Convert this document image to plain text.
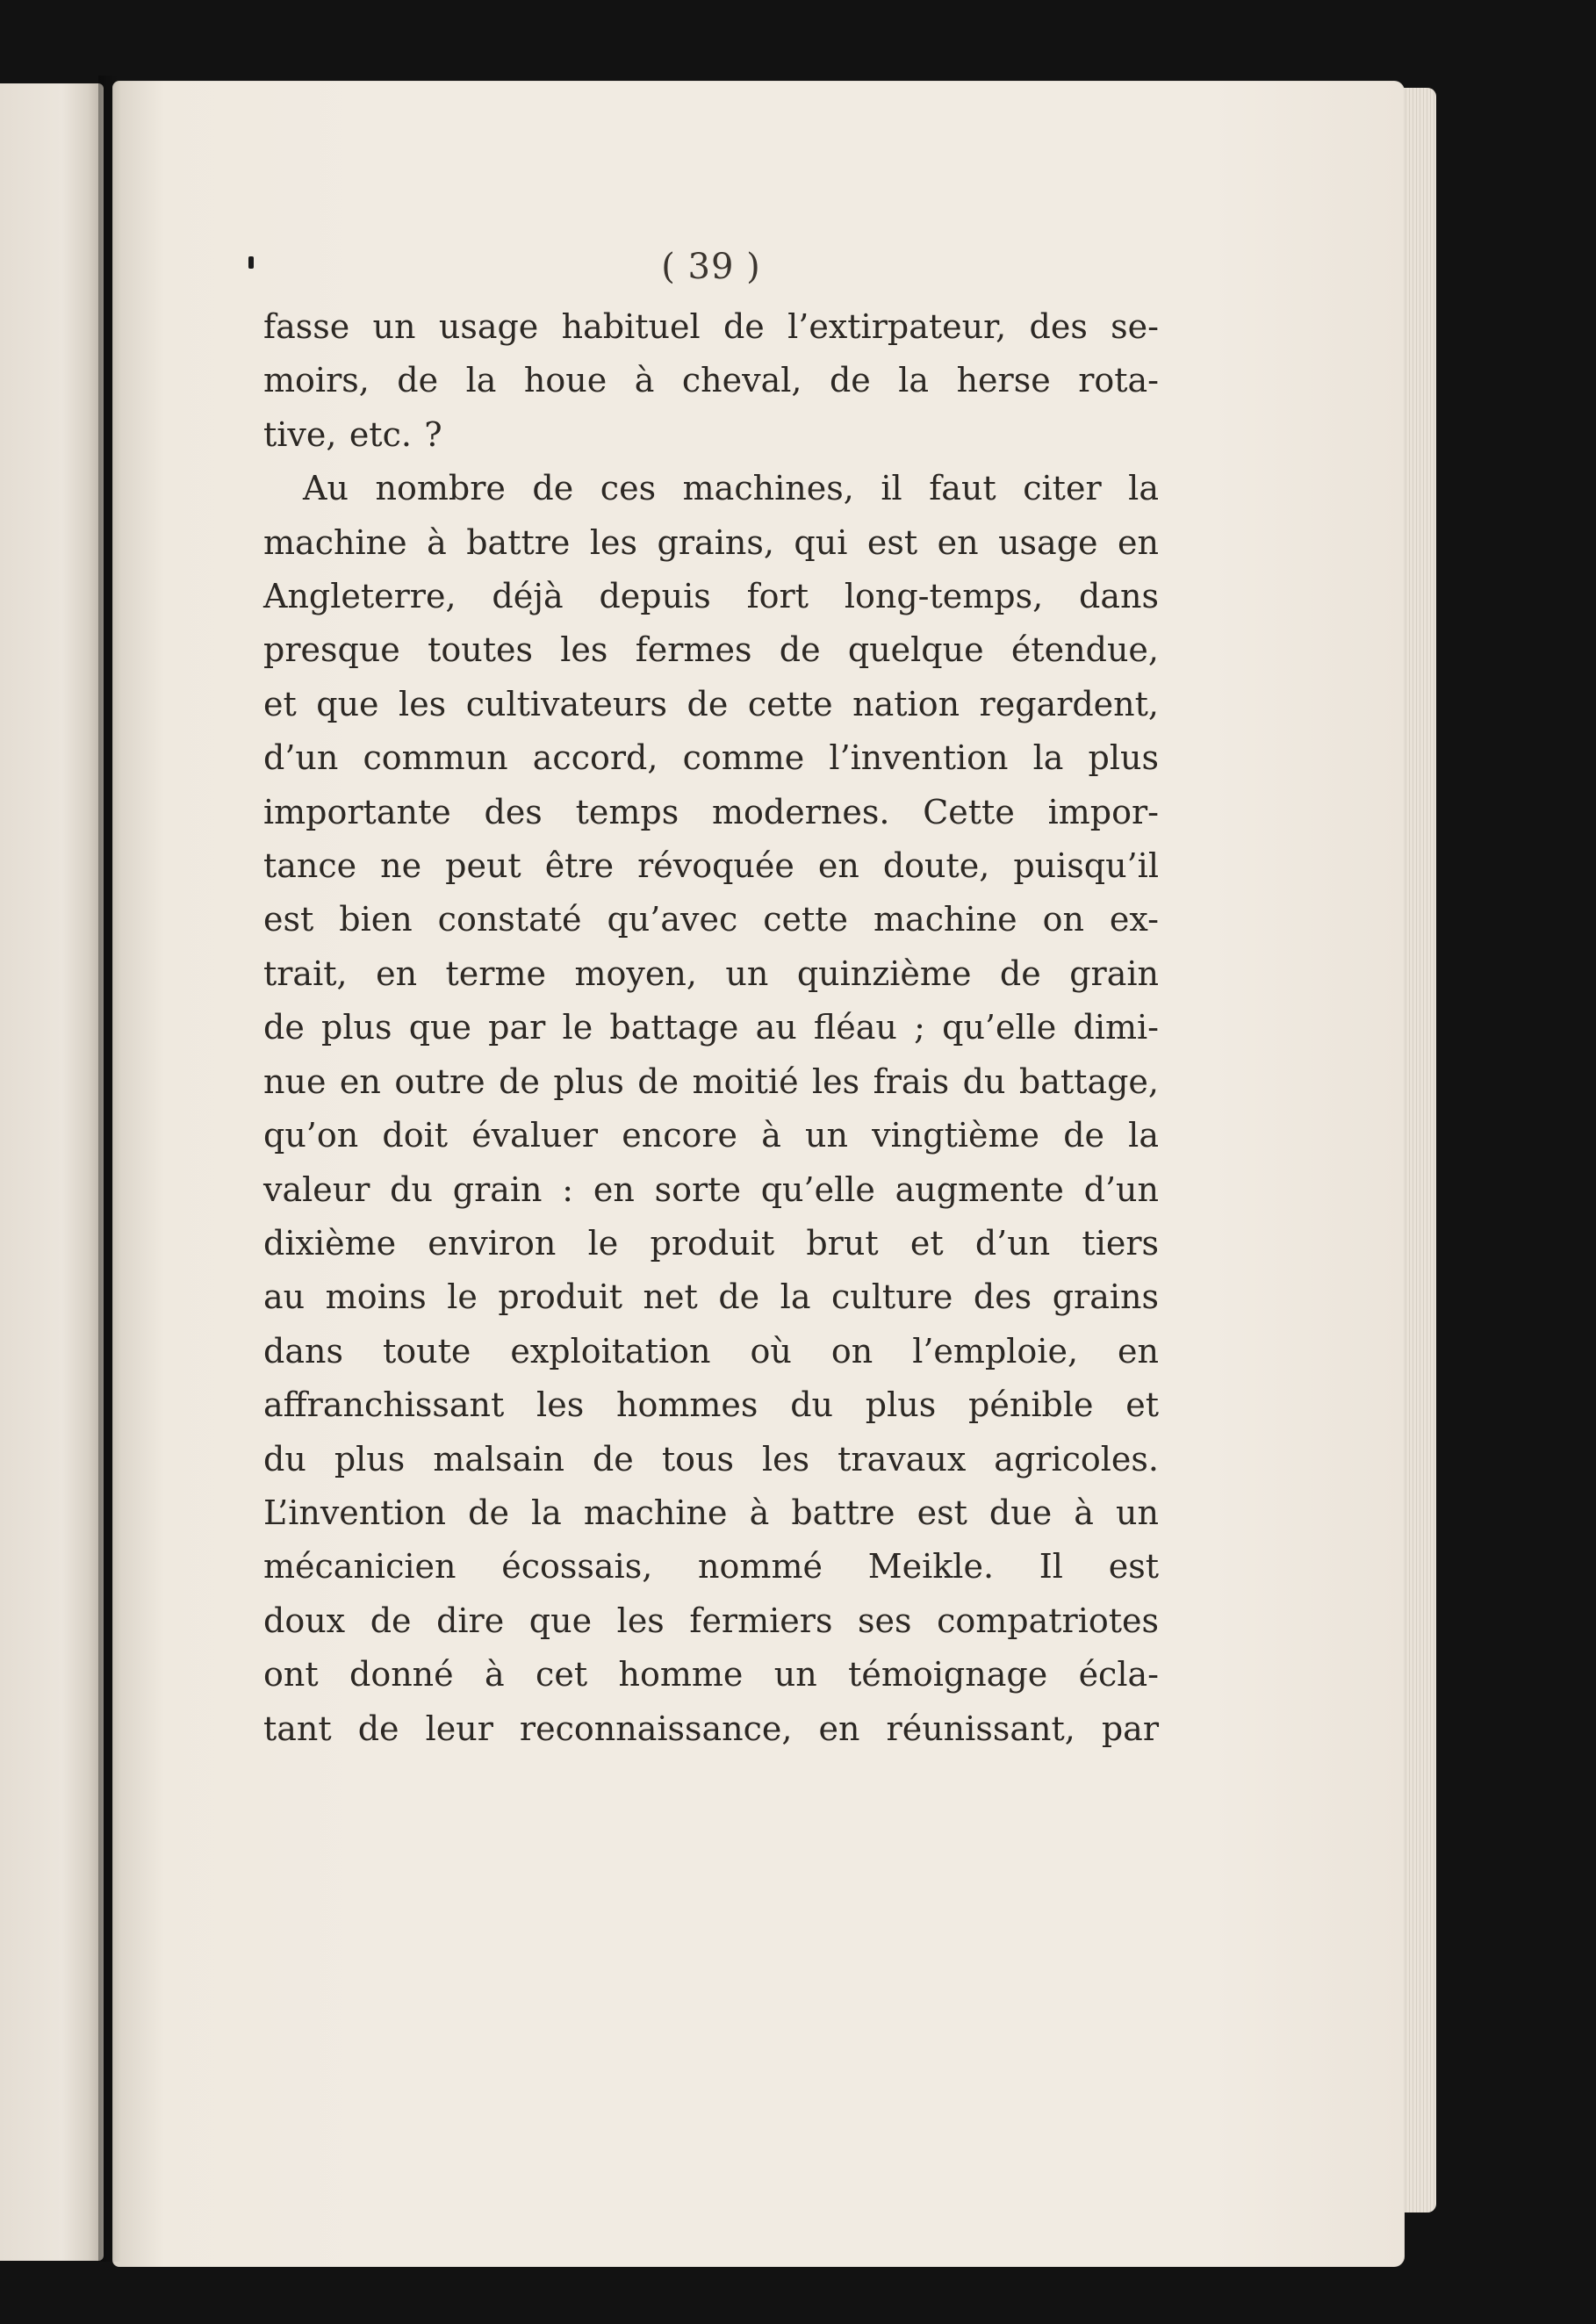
( 39 )
fasse un usage habituel de l’extirpateur, des se-
moirs, de la houe à cheval, de la herse rota-
tive, etc. ?
Au nombre de ces machines, il faut citer la
machine à battre les grains, qui est en usage en
Angleterre, déjà depuis fort long-temps, dans
presque toutes les fermes de quelque étendue,
et que les cultivateurs de cette nation regardent,
d’un commun accord, comme l’invention la plus
importante des temps modernes. Cette impor-
tance ne peut être révoquée en doute, puisqu’il
est bien constaté qu’avec cette machine on ex-
trait, en terme moyen, un quinzième de grain
de plus que par le battage au fléau ; qu’elle dimi-
nue en outre de plus de moitié les frais du battage,
qu’on doit évaluer encore à un vingtième de la
valeur du grain : en sorte qu’elle augmente d’un
dixième environ le produit brut et d’un tiers
au moins le produit net de la culture des grains
dans toute exploitation où on l’emploie, en
affranchissant les hommes du plus pénible et
du plus malsain de tous les travaux agricoles.
L’invention de la machine à battre est due à un
mécanicien écossais, nommé Meikle. Il est
doux de dire que les fermiers ses compatriotes
ont donné à cet homme un témoignage écla-
tant de leur reconnaissance, en réunissant, par
